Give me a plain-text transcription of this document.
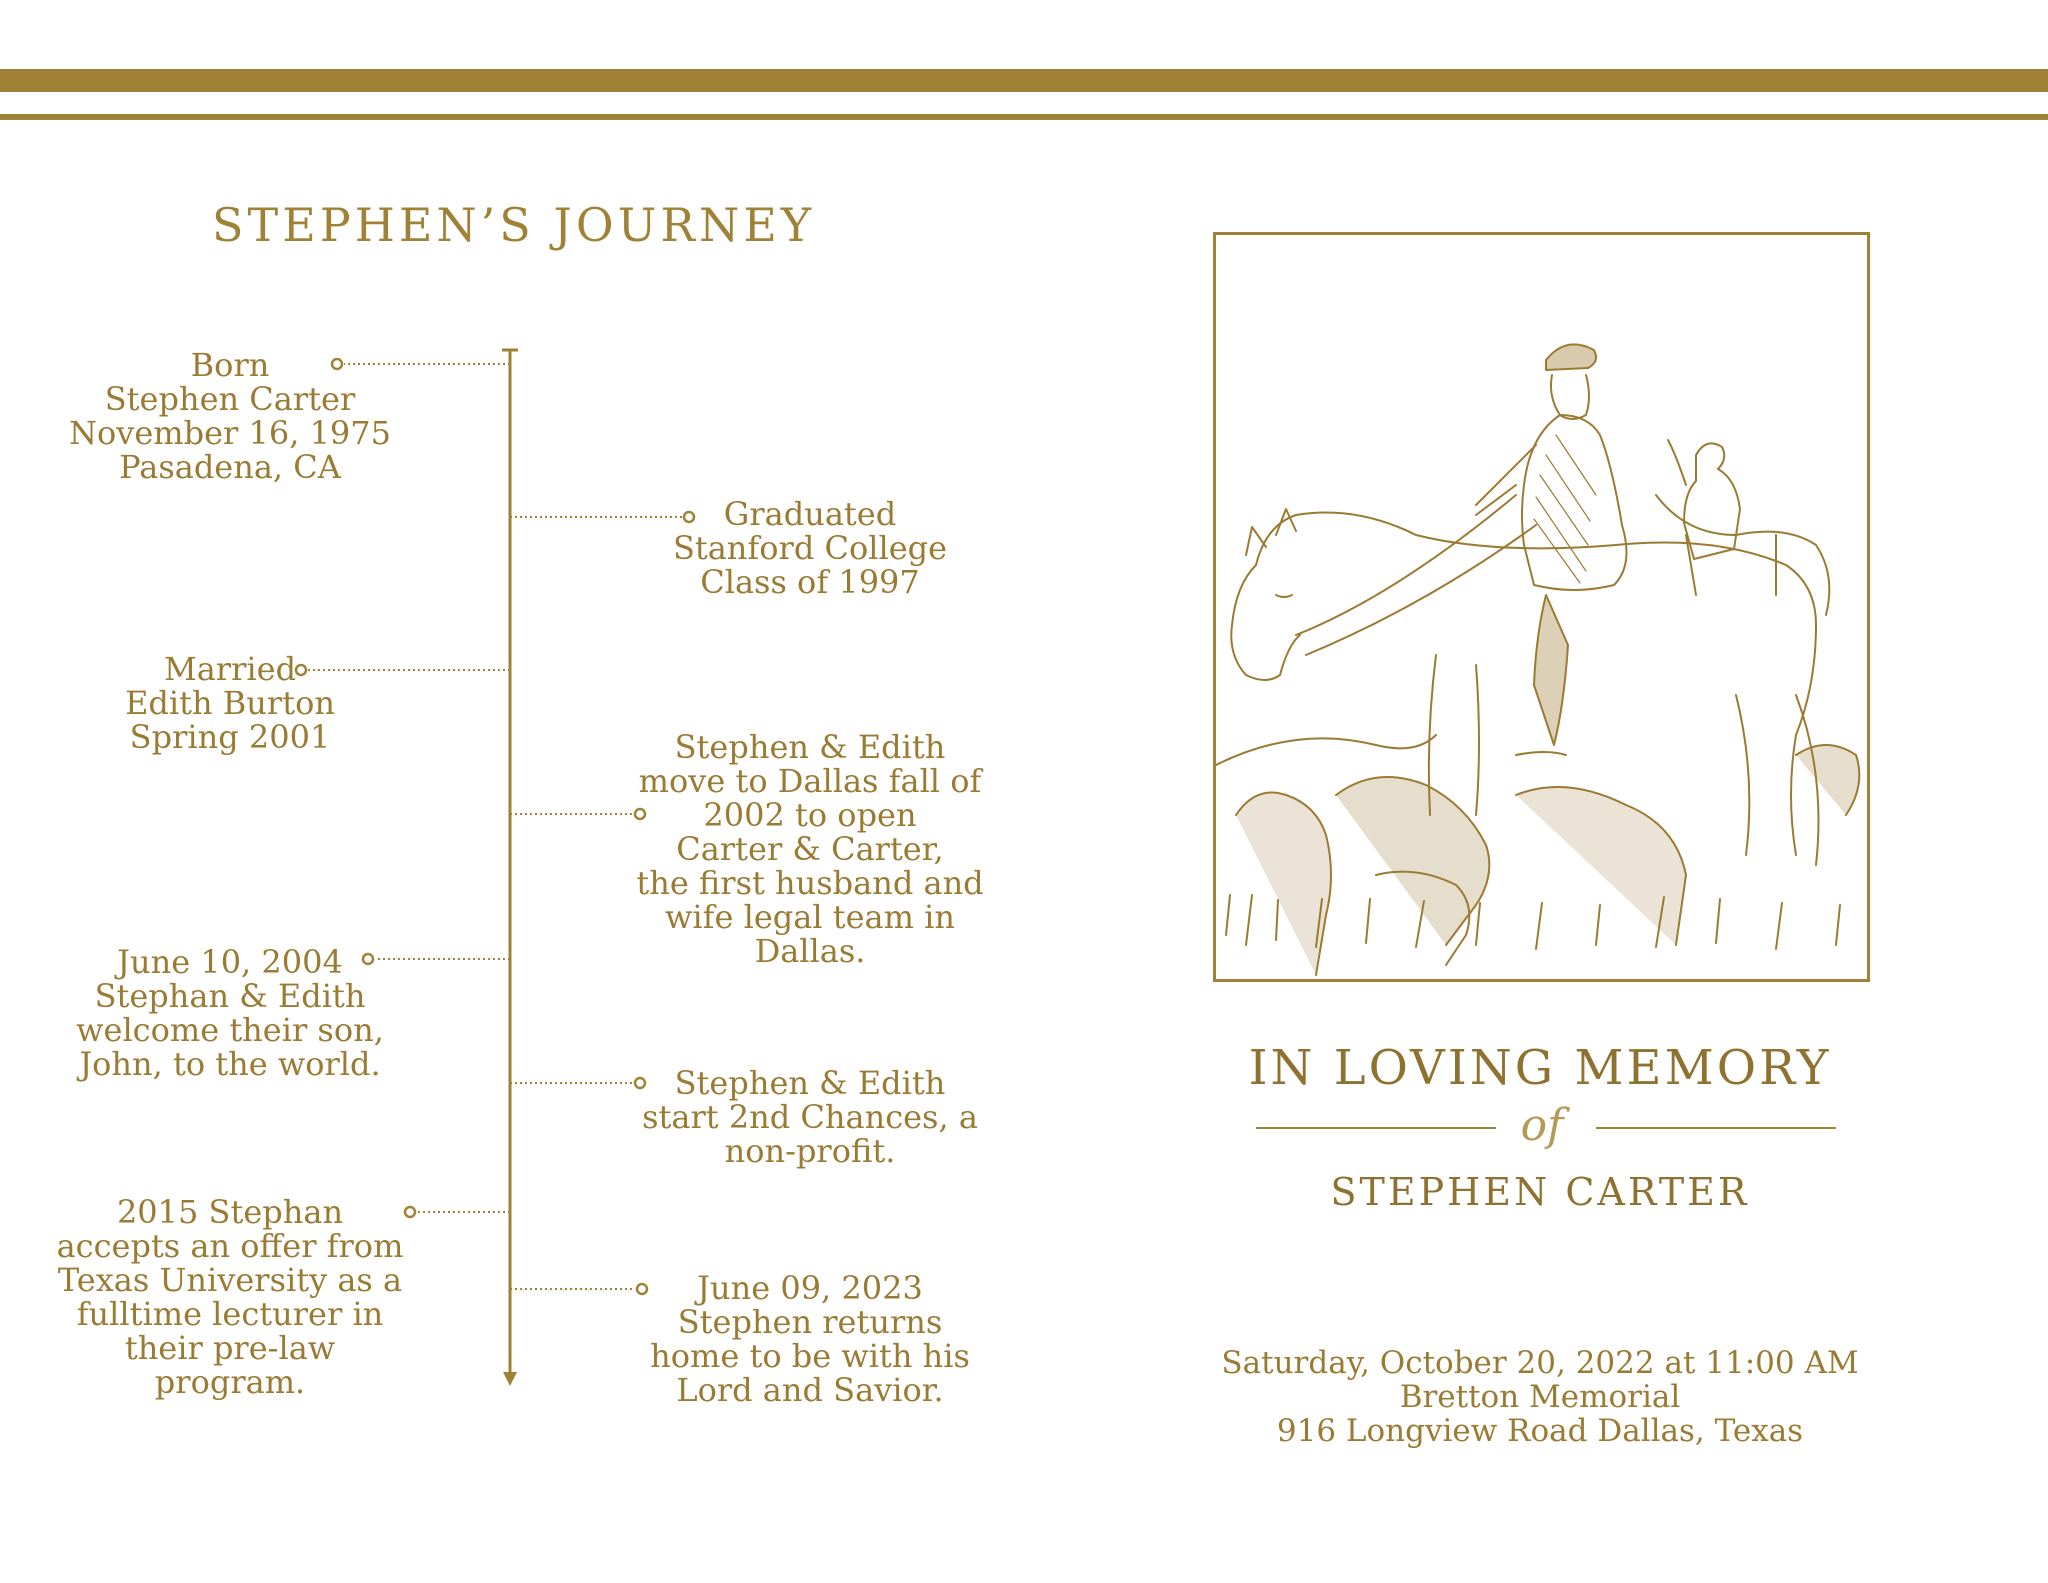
STEPHEN’S JOURNEY
Born
Stephen Carter
November 16, 1975
Pasadena, CA
Graduated
Stanford College
Class of 1997
Married
Edith Burton
Spring 2001	Stephen & Edith
move to Dallas fall of
2002 to open
Carter & Carter,
the first husband and
wife legal team in
Dallas.
June 10, 2004
Stephan & Edith
welcome their son,
John, to the world.	Stephen & Edith
start 2nd Chances, a
non-profit.
2015 Stephan
accepts an offer from
Texas University as a
fulltime lecturer in
their pre-law
program.
June 09, 2023
Stephen returns
home to be with his
Lord and Savior.
IN LOVING MEMORY
of
STEPHEN CARTER
Saturday, October 20, 2022 at 11:00 AM
Bretton Memorial
916 Longview Road Dallas, Texas
